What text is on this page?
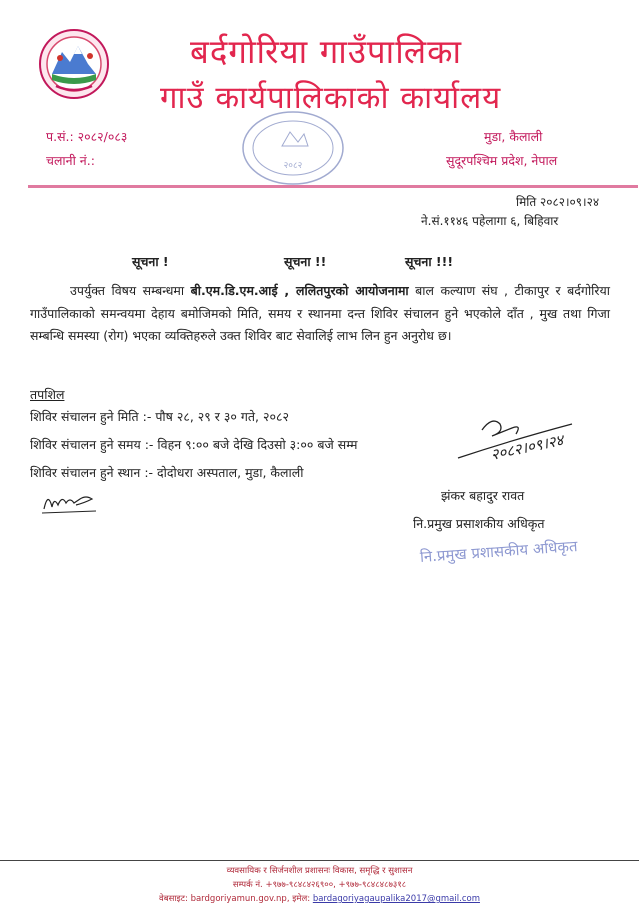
बर्दगोरिया गाउँपालिका
गाउँ कार्यपालिकाको कार्यालय
प.सं.: २०८२/०८३
चलानी नं.:
मुडा, कैलाली
सुदूरपश्चिम प्रदेश, नेपाल
२०८२
मिति २०८२।०९।२४
ने.सं.११४६ पहेलागा ६, बिहिवार
सूचना !	सूचना !!	सूचना !!!
उपर्युक्त विषय सम्बन्धमा बी.एम.डि.एम.आई , ललितपुरको आयोजनामा बाल कल्याण संघ , टीकापुर र बर्दगोरिया गाउँपालिकाको समन्वयमा देहाय बमोजिमको मिति, समय र स्थानमा दन्त शिविर संचालन हुने भएकोले दाँत , मुख तथा गिजा सम्बन्धि समस्या (रोग) भएका व्यक्तिहरुले उक्त शिविर बाट सेवालिई लाभ लिन हुन अनुरोध छ।
तपशिल
शिविर संचालन हुने मिति :- पौष २८, २९ र ३० गते, २०८२
शिविर संचालन हुने समय :- विहन ९:०० बजे देखि दिउसो ३:०० बजे सम्म
शिविर संचालन हुने स्थान :- दोदोधरा अस्पताल, मुडा, कैलाली
२०८२।०९।२४
झंकर बहादुर रावत
नि.प्रमुख प्रसाशकीय अधिकृत
नि.प्रमुख प्रशासकीय अधिकृत
व्यवसायिक र सिर्जनशील प्रशासनः विकास, समृद्धि र सुशासन
सम्पर्क नं. +९७७-९८४८४२६९००, +९७७-९८४८४८७३१८
वेबसाइट: bardgoriyamun.gov.np, इमेल: bardagoriyagaupalika2017@gmail.com
